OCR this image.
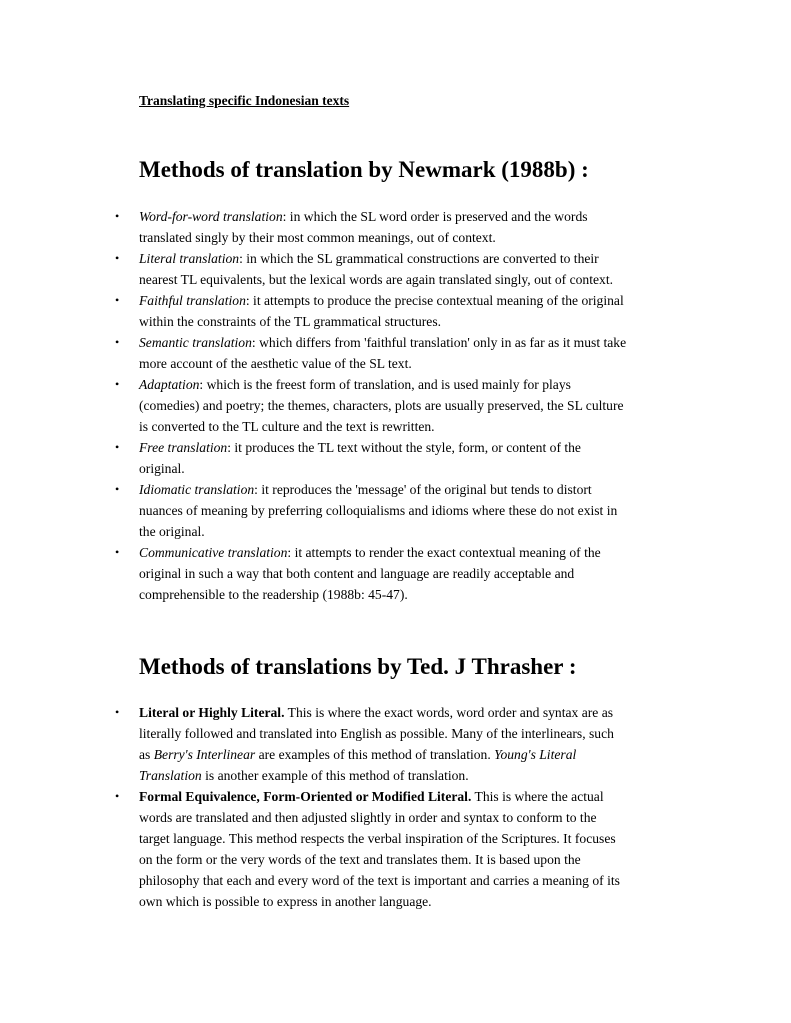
Translating specific Indonesian texts
Methods of translation by Newmark (1988b) :
• Word-for-word translation: in which the SL word order is preserved and the words
translated singly by their most common meanings, out of context.
• Literal translation: in which the SL grammatical constructions are converted to their
nearest TL equivalents, but the lexical words are again translated singly, out of context.
• Faithful translation: it attempts to produce the precise contextual meaning of the original
within the constraints of the TL grammatical structures.
• Semantic translation: which differs from 'faithful translation' only in as far as it must take
more account of the aesthetic value of the SL text.
• Adaptation: which is the freest form of translation, and is used mainly for plays
(comedies) and poetry; the themes, characters, plots are usually preserved, the SL culture
is converted to the TL culture and the text is rewritten.
• Free translation: it produces the TL text without the style, form, or content of the
original.
• Idiomatic translation: it reproduces the 'message' of the original but tends to distort
nuances of meaning by preferring colloquialisms and idioms where these do not exist in
the original.
• Communicative translation: it attempts to render the exact contextual meaning of the
original in such a way that both content and language are readily acceptable and
comprehensible to the readership (1988b: 45-47).
Methods of translations by Ted. J Thrasher :
• Literal or Highly Literal. This is where the exact words, word order and syntax are as
literally followed and translated into English as possible. Many of the interlinears, such
as Berry's Interlinear are examples of this method of translation. Young's Literal
Translation is another example of this method of translation.
• Formal Equivalence, Form-Oriented or Modified Literal. This is where the actual
words are translated and then adjusted slightly in order and syntax to conform to the
target language. This method respects the verbal inspiration of the Scriptures. It focuses
on the form or the very words of the text and translates them. It is based upon the
philosophy that each and every word of the text is important and carries a meaning of its
own which is possible to express in another language.
